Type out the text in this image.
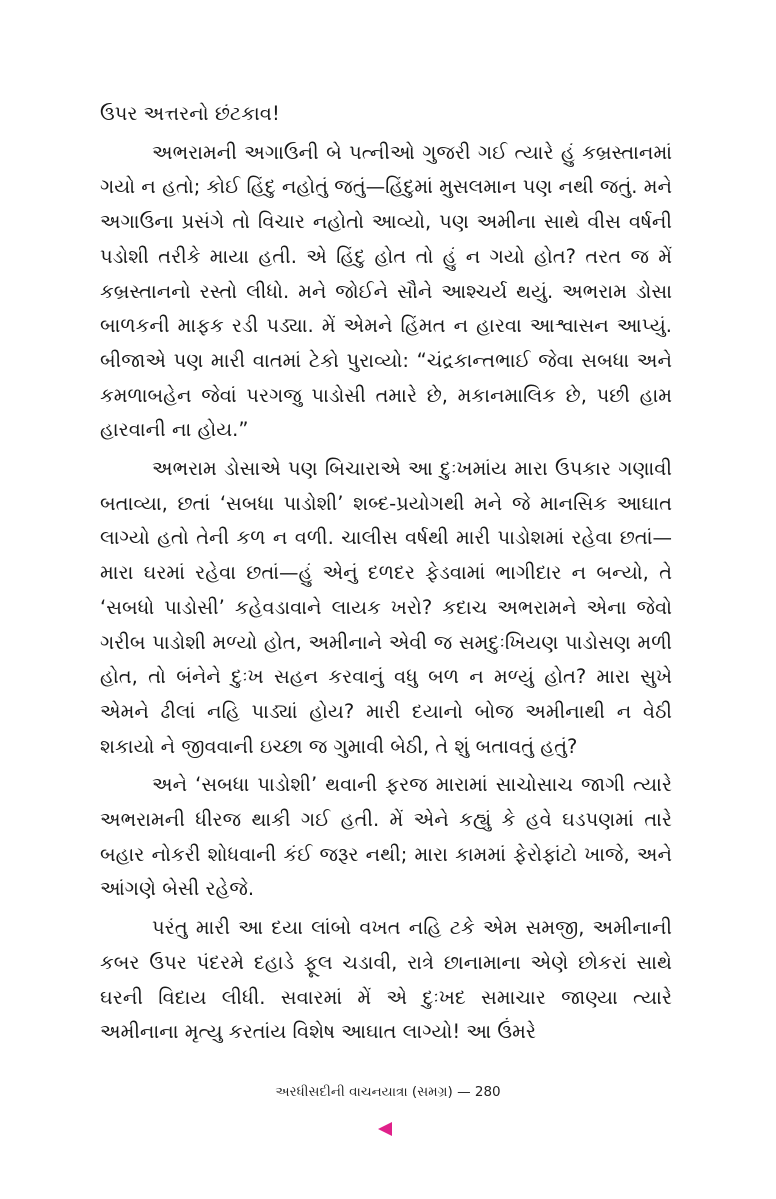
ઉપર અત્તરનો છંટકાવ!

અભરામની અગાઉની બે પત્નીઓ ગુજરી ગઈ ત્યારે હું કબ્રસ્તાનમાં ગયો ન હતો; કોઈ હિંદુ નહોતું જતું—હિંદુમાં મુસલમાન પણ નથી જતું. મને અગાઉના પ્રસંગે તો વિચાર નહોતો આવ્યો, પણ અમીના સાથે વીસ વર્ષની પડોશી તરીકે માયા હતી. એ હિંદુ હોત તો હું ન ગયો હોત? તરત જ મેં કબ્રસ્તાનનો રસ્તો લીધો. મને જોઈને સૌને આશ્ચર્ય થયું. અભરામ ડોસા બાળકની માફક રડી પડ્યા. મેં એમને હિંમત ન હારવા આશ્વાસન આપ્યું. બીજાએ પણ મારી વાતમાં ટેકો પુરાવ્યો: “ચંદ્રકાન્તભાઈ જેવા સબધા અને કમળાબહેન જેવાં પરગજુ પાડોસી તમારે છે, મકાનમાલિક છે, પછી હામ હારવાની ના હોય.”

અભરામ ડોસાએ પણ બિચારાએ આ દુઃખમાંય મારા ઉપકાર ગણાવી બતાવ્યા, છતાં ‘સબધા પાડોશી’ શબ્દ-પ્રયોગથી મને જે માનસિક આઘાત લાગ્યો હતો તેની કળ ન વળી. ચાલીસ વર્ષથી મારી પાડોશમાં રહેવા છતાં—મારા ઘરમાં રહેવા છતાં—હું એનું દળદર ફેડવામાં ભાગીદાર ન બન્યો, તે ‘સબધો પાડોસી’ કહેવડાવાને લાયક ખરો? કદાચ અભરામને એના જેવો ગરીબ પાડોશી મળ્યો હોત, અમીનાને એવી જ સમદુઃખિયણ પાડોસણ મળી હોત, તો બંનેને દુઃખ સહન કરવાનું વધુ બળ ન મળ્યું હોત? મારા સુખે એમને ઢીલાં નહિ પાડ્યાં હોય? મારી દયાનો બોજ અમીનાથી ન વેઠી શકાયો ને જીવવાની ઇચ્છા જ ગુમાવી બેઠી, તે શું બતાવતું હતું?

અને ‘સબધા પાડોશી’ થવાની ફરજ મારામાં સાચોસાચ જાગી ત્યારે અભરામની ધીરજ થાકી ગઈ હતી. મેં એને કહ્યું કે હવે ઘડપણમાં તારે બહાર નોકરી શોધવાની કંઈ જરૂર નથી; મારા કામમાં ફેરોફાંટો ખાજે, અને આંગણે બેસી રહેજે.

પરંતુ મારી આ દયા લાંબો વખત નહિ ટકે એમ સમજી, અમીનાની કબર ઉપર પંદરમે દહાડે ફૂલ ચડાવી, રાત્રે છાનામાના એણે છોકરાં સાથે ઘરની વિદાય લીધી. સવારમાં મેં એ દુઃખદ સમાચાર જાણ્યા ત્યારે અમીનાના મૃત્યુ કરતાંય વિશેષ આઘાત લાગ્યો! આ ઉંમરે

અરધીસદીની વાચનયાત્રા (સમગ્ર) — 280
